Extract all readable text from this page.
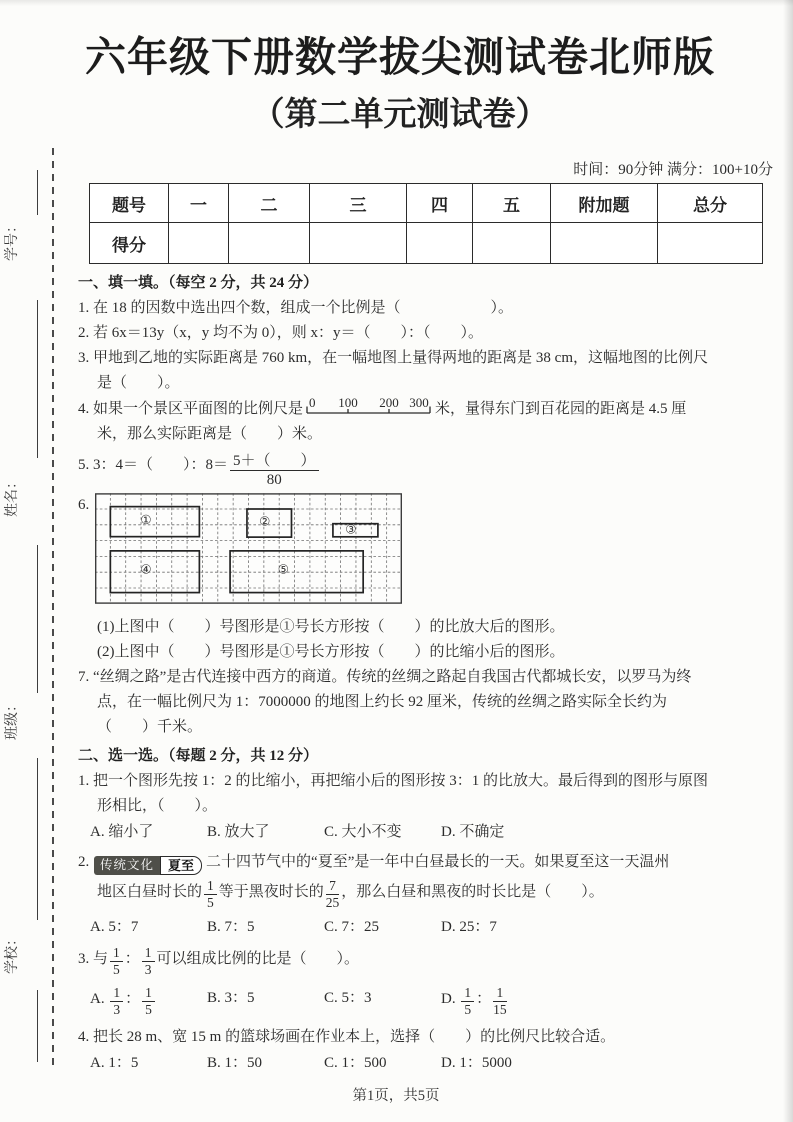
学号：
姓名：
班级：
学校：
六年级下册数学拔尖测试卷北师版
（第二单元测试卷）
时间：90分钟 满分：100+10分
题号	一	二	三	四	五	附加题	总分
得分
一、填一填。（每空 2 分，共 24 分）

1. 在 18 的因数中选出四个数，组成一个比例是（　　　　　　）。

2. 若 6x＝13y（x，y 均不为 0），则 x：y＝（　　）：（　　）。

3. 甲地到乙地的实际距离是 760 km，在一幅地图上量得两地的距离是 38 cm，这幅地图的比例尺是（　　）。

4. 如果一个景区平面图的比例尺是 0 100 200 300 米，量得东门到百花园的距离是 4.5 厘米，那么实际距离是（　　）米。

5. 3：4＝（　　）：$8= \frac{5+( )}{80}$

6.
①	②
③
④	⑤
(1)上图中（　　）号图形是①号长方形按（　　）的比放大后的图形。
(2)上图中（　　）号图形是①号长方形按（　　）的比缩小后的图形。

7. “丝绸之路”是古代连接中西方的商道。传统的丝绸之路起自我国古代都城长安，以罗马为终点，在一幅比例尺为 1：7000000 的地图上约长 92 厘米，传统的丝绸之路实际全长约为（　　）千米。

二、选一选。（每题 2 分，共 12 分）

1. 把一个图形先按 1：2 的比缩小，再把缩小后的图形按 3：1 的比放大。最后得到的图形与原图形相比，（　　）。

A. 缩小了	B. 放大了	C. 大小不变	D. 不确定

2. 传统文化	夏至 二十四节气中的“夏至”是一年中白昼最长的一天。如果夏至这一天温州

地区白昼时长的 $\frac{1}{5}$ 等于黑夜时长的 $\frac{7}{25}$ ，那么白昼和黑夜的时长比是（　　）。
A. 5：7	B. 7：5	C. 7：25	D. 25：7

3. 与 $\frac{1}{5}$ ： $\frac{1}{3}$ 可以组成比例的比是（　　）。

A. $\frac{1}{3}$ ： $\frac{1}{5}$	B. 3：5	C. 5：3	D. $\frac{1}{5}$ ： $\frac{1}{15}$

4. 把长 28 m、宽 15 m 的篮球场画在作业本上，选择（　　）的比例尺比较合适。

A. 1：5	B. 1：50	C. 1：500	D. 1：5000
第1页，共5页
